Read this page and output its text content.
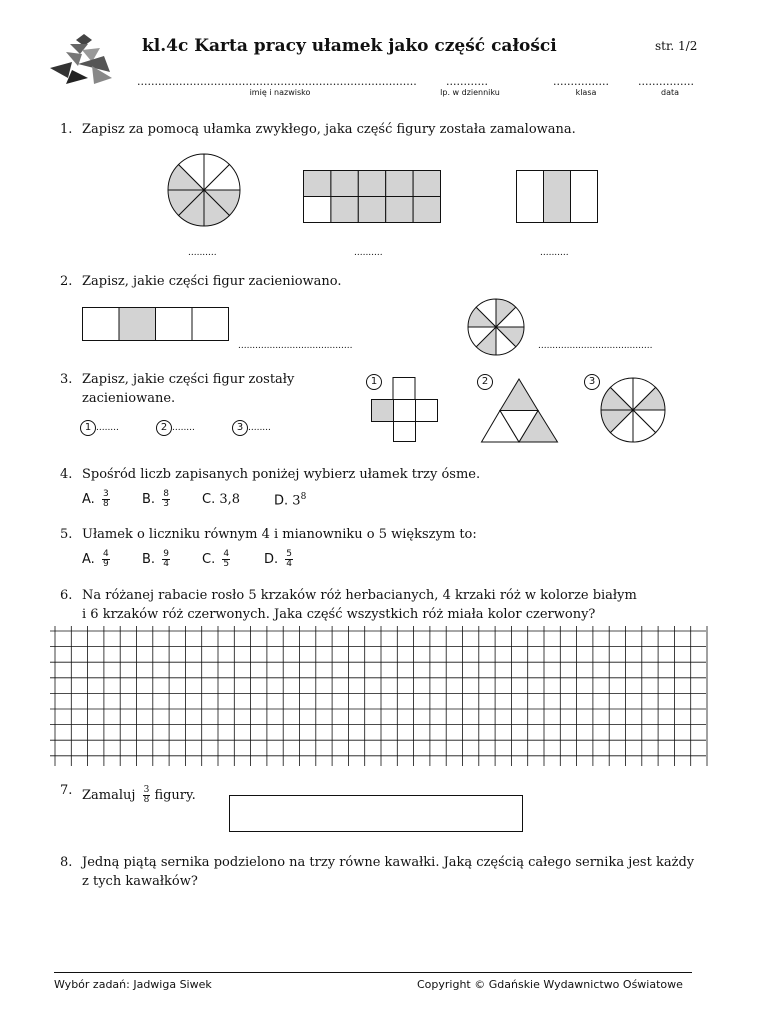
kl.4c Karta pracy ułamek jako część całości	str. 1/2
................................................................................
imię i nazwisko
............
lp. w dzienniku
................
klasa
................
data
1. Zapisz za pomocą ułamka zwykłego, jaka część figury została zamalowana.
..........	..........	..........
2. Zapisz, jakie części figur zacieniowano.
........................................	........................................
3. Zapisz, jakie części figur zostały
zacieniowane.
1 ........	2 ........	3 ........
1	2	3
4. Spośród liczb zapisanych poniżej wybierz ułamek trzy ósme.
A. $\frac{3}{8} B$. $\frac{8}{3} C$. 3,8	D. $3^8$
5. Ułamek o liczniku równym 4 i mianowniku o 5 większym to:
A. $\frac{4}{9} B$. $\frac{9}{4} C$. $\frac{4}{5}$	D. $\frac{5}{4}$
6. Na różanej rabacie rosło 5 krzaków róż herbacianych, 4 krzaki róż w kolorze białym
i 6 krzaków róż czerwonych. Jaka część wszystkich róż miała kolor czerwony?
7. Zamaluj $\frac{3}{8}$ figury.
8. Jedną piątą sernika podzielono na trzy równe kawałki. Jaką częścią całego sernika jest każdy
z tych kawałków?
Wybór zadań: Jadwiga Siwek	Copyright © Gdańskie Wydawnictwo Oświatowe
